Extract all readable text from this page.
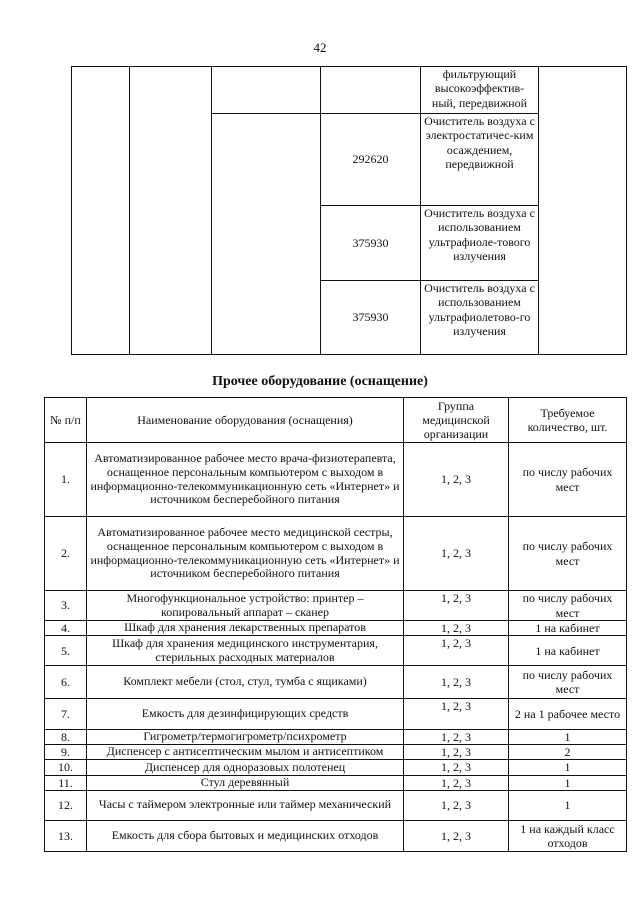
42
				фильтрующий высокоэффектив-ный, передвижной	
			292620	Очиститель воздуха с электростатичес-ким осаждением, передвижной	
			375930	Очиститель воздуха с использованием ультрафиоле-тового излучения	
			375930	Очиститель воздуха с использованием ультрафиолетово-го излучения	
Прочее оборудование (оснащение)
№ п/п	Наименование оборудования (оснащения)	Группа медицинской организации	Требуемое количество, шт.
1.	Автоматизированное рабочее место врача-физиотерапевта, оснащенное персональным компьютером с выходом в информационно-телекоммуникационную сеть «Интернет» и источником бесперебойного питания	1, 2, 3	по числу рабочих мест
2.	Автоматизированное рабочее место медицинской сестры, оснащенное персональным компьютером с выходом в информационно-телекоммуникационную сеть «Интернет» и источником бесперебойного питания	1, 2, 3	по числу рабочих мест
3.	Многофункциональное устройство: принтер – копировальный аппарат – сканер	1, 2, 3	по числу рабочих мест
4.	Шкаф для хранения лекарственных препаратов	1, 2, 3	1 на кабинет
5.	Шкаф для хранения медицинского инструментария, стерильных расходных материалов	1, 2, 3	1 на кабинет
6.	Комплект мебели (стол, стул, тумба с ящиками)	1, 2, 3	по числу рабочих мест
7.	Емкость для дезинфицирующих средств	1, 2, 3	2 на 1 рабочее место
8.	Гигрометр/термогигрометр/психрометр	1, 2, 3	1
9.	Диспенсер с антисептическим мылом и антисептиком	1, 2, 3	2
10.	Диспенсер для одноразовых полотенец	1, 2, 3	1
11.	Стул деревянный	1, 2, 3	1
12.	Часы с таймером электронные или таймер механический	1, 2, 3	1
13.	Емкость для сбора бытовых и медицинских отходов	1, 2, 3	1 на каждый класс отходов
